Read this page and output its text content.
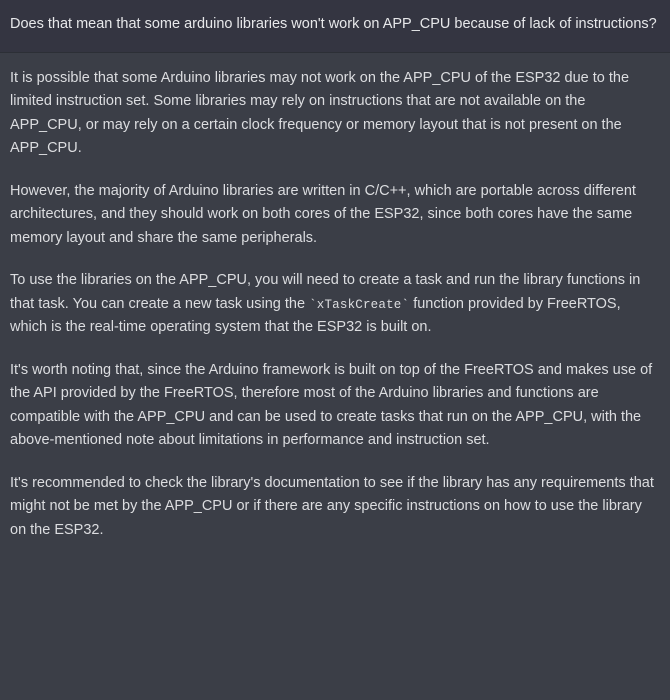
Does that mean that some arduino libraries won't work on APP_CPU because of lack of instructions?

It is possible that some Arduino libraries may not work on the APP_CPU of the ESP32 due to the limited instruction set. Some libraries may rely on instructions that are not available on the APP_CPU, or may rely on a certain clock frequency or memory layout that is not present on the APP_CPU.

However, the majority of Arduino libraries are written in C/C++, which are portable across different architectures, and they should work on both cores of the ESP32, since both cores have the same memory layout and share the same peripherals.

To use the libraries on the APP_CPU, you will need to create a task and run the library functions in that task. You can create a new task using the `xTaskCreate` function provided by FreeRTOS, which is the real-time operating system that the ESP32 is built on.

It's worth noting that, since the Arduino framework is built on top of the FreeRTOS and makes use of the API provided by the FreeRTOS, therefore most of the Arduino libraries and functions are compatible with the APP_CPU and can be used to create tasks that run on the APP_CPU, with the above-mentioned note about limitations in performance and instruction set.

It's recommended to check the library's documentation to see if the library has any requirements that might not be met by the APP_CPU or if there are any specific instructions on how to use the library on the ESP32.
